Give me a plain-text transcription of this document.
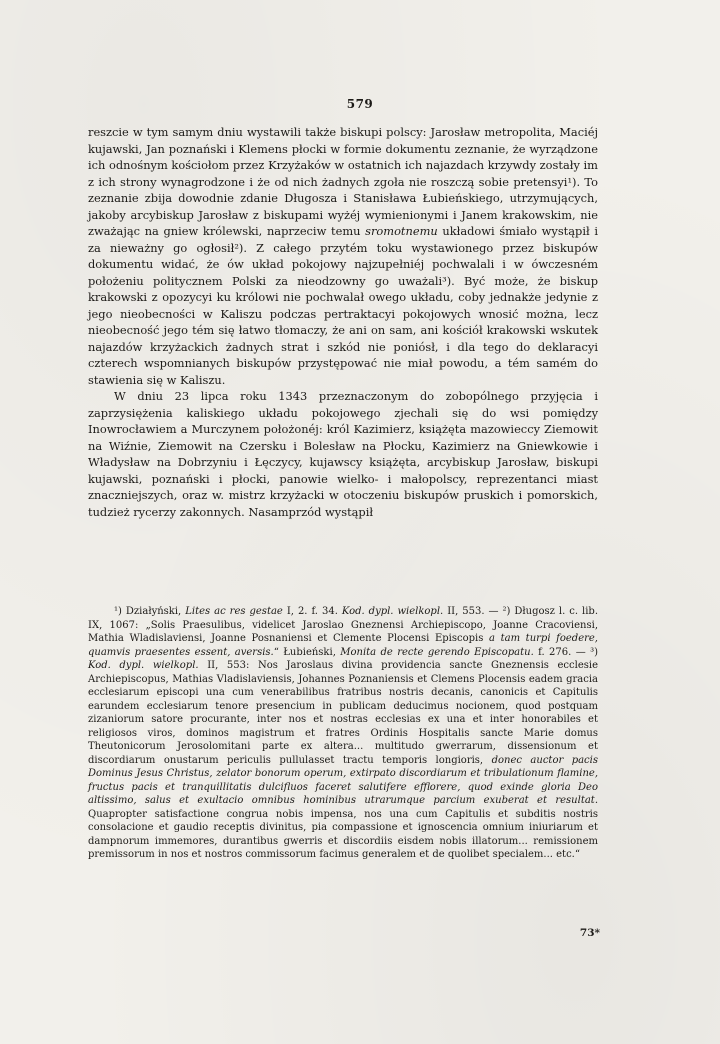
579

reszcie w tym samym dniu wystawili także biskupi polscy: Jarosław metropolita, Maciéj kujawski, Jan poznański i Klemens płocki w formie dokumentu zeznanie, że wyrządzone ich odnośnym kościołom przez Krzyżaków w ostatnich ich najazdach krzywdy zostały im z ich strony wynagrodzone i że od nich żadnych zgoła nie roszczą sobie pretensyi¹). To zeznanie zbija dowodnie zdanie Długosza i Stanisława Łubieńskiego, utrzymujących, jakoby arcybiskup Jarosław z biskupami wyżéj wymienionymi i Janem krakowskim, nie zważając na gniew królewski, naprzeciw temu sromotnemu układowi śmiało wystąpił i za nieważny go ogłosił²). Z całego przytém toku wystawionego przez biskupów dokumentu widać, że ów układ pokojowy najzupełniéj pochwalali i w ówczesném położeniu politycznem Polski za nieodzowny go uważali³). Być może, że biskup krakowski z opozycyi ku królowi nie pochwalał owego układu, coby jednakże jedynie z jego nieobecności w Kaliszu podczas pertraktacyi pokojowych wnosić można, lecz nieobecność jego tém się łatwo tłomaczy, że ani on sam, ani kościół krakowski wskutek najazdów krzyżackich żadnych strat i szkód nie poniósł, i dla tego do deklaracyi czterech wspomnianych biskupów przystępować nie miał powodu, a tém samém do stawienia się w Kaliszu.

W dniu 23 lipca roku 1343 przeznaczonym do zobopólnego przyjęcia i zaprzysiężenia kaliskiego układu pokojowego zjechali się do wsi pomiędzy Inowrocławiem a Murczynem położonéj: król Kazimierz, książęta mazowieccy Ziemowit na Wiźnie, Ziemowit na Czersku i Bolesław na Płocku, Kazimierz na Gniewkowie i Władysław na Dobrzyniu i Łęczycy, kujawscy książęta, arcybiskup Jarosław, biskupi kujawski, poznański i płocki, panowie wielko- i małopolscy, reprezentanci miast znaczniejszych, oraz w. mistrz krzyżacki w otoczeniu biskupów pruskich i pomorskich, tudzież rycerzy zakonnych. Nasamprzód wystąpił

¹) Działyński, Lites ac res gestae I, 2. f. 34. Kod. dypl. wielkopl. II, 553. — ²) Długosz l. c. lib. IX, 1067: „Solis Praesulibus, videlicet Jaroslao Gneznensi Archiepiscopo, Joanne Cracoviensi, Mathia Wladislaviensi, Joanne Posnaniensi et Clemente Plocensi Episcopis a tam turpi foedere, quamvis praesentes essent, aversis.“ Łubieński, Monita de recte gerendo Episcopatu. f. 276. — ³) Kod. dypl. wielkopl. II, 553: Nos Jaroslaus divina providencia sancte Gneznensis ecclesie Archiepiscopus, Mathias Vladislaviensis, Johannes Poznaniensis et Clemens Plocensis eadem gracia ecclesiarum episcopi una cum venerabilibus fratribus nostris decanis, canonicis et Capitulis earundem ecclesiarum tenore presencium in publicam deducimus nocionem, quod postquam zizaniorum satore procurante, inter nos et nostras ecclesias ex una et inter honorabiles et religiosos viros, dominos magistrum et fratres Ordinis Hospitalis sancte Marie domus Theutonicorum Jerosolomitani parte ex altera... multitudo gwerrarum, dissensionum et discordiarum onustarum periculis pullulasset tractu temporis longioris, donec auctor pacis Dominus Jesus Christus, zelator bonorum operum, extirpato discordiarum et tribulationum flamine, fructus pacis et tranquillitatis dulcifluos faceret salutifere efflorere, quod exinde gloria Deo altissimo, salus et exultacio omnibus hominibus utrarumque parcium exuberat et resultat. Quapropter satisfactione congrua nobis impensa, nos una cum Capitulis et subditis nostris consolacione et gaudio receptis divinitus, pia compassione et ignoscencia omnium iniuriarum et dampnorum immemores, durantibus gwerris et discordiis eisdem nobis illatorum... remissionem premissorum in nos et nostros commissorum facimus generalem et de quolibet specialem... etc.“

73*
